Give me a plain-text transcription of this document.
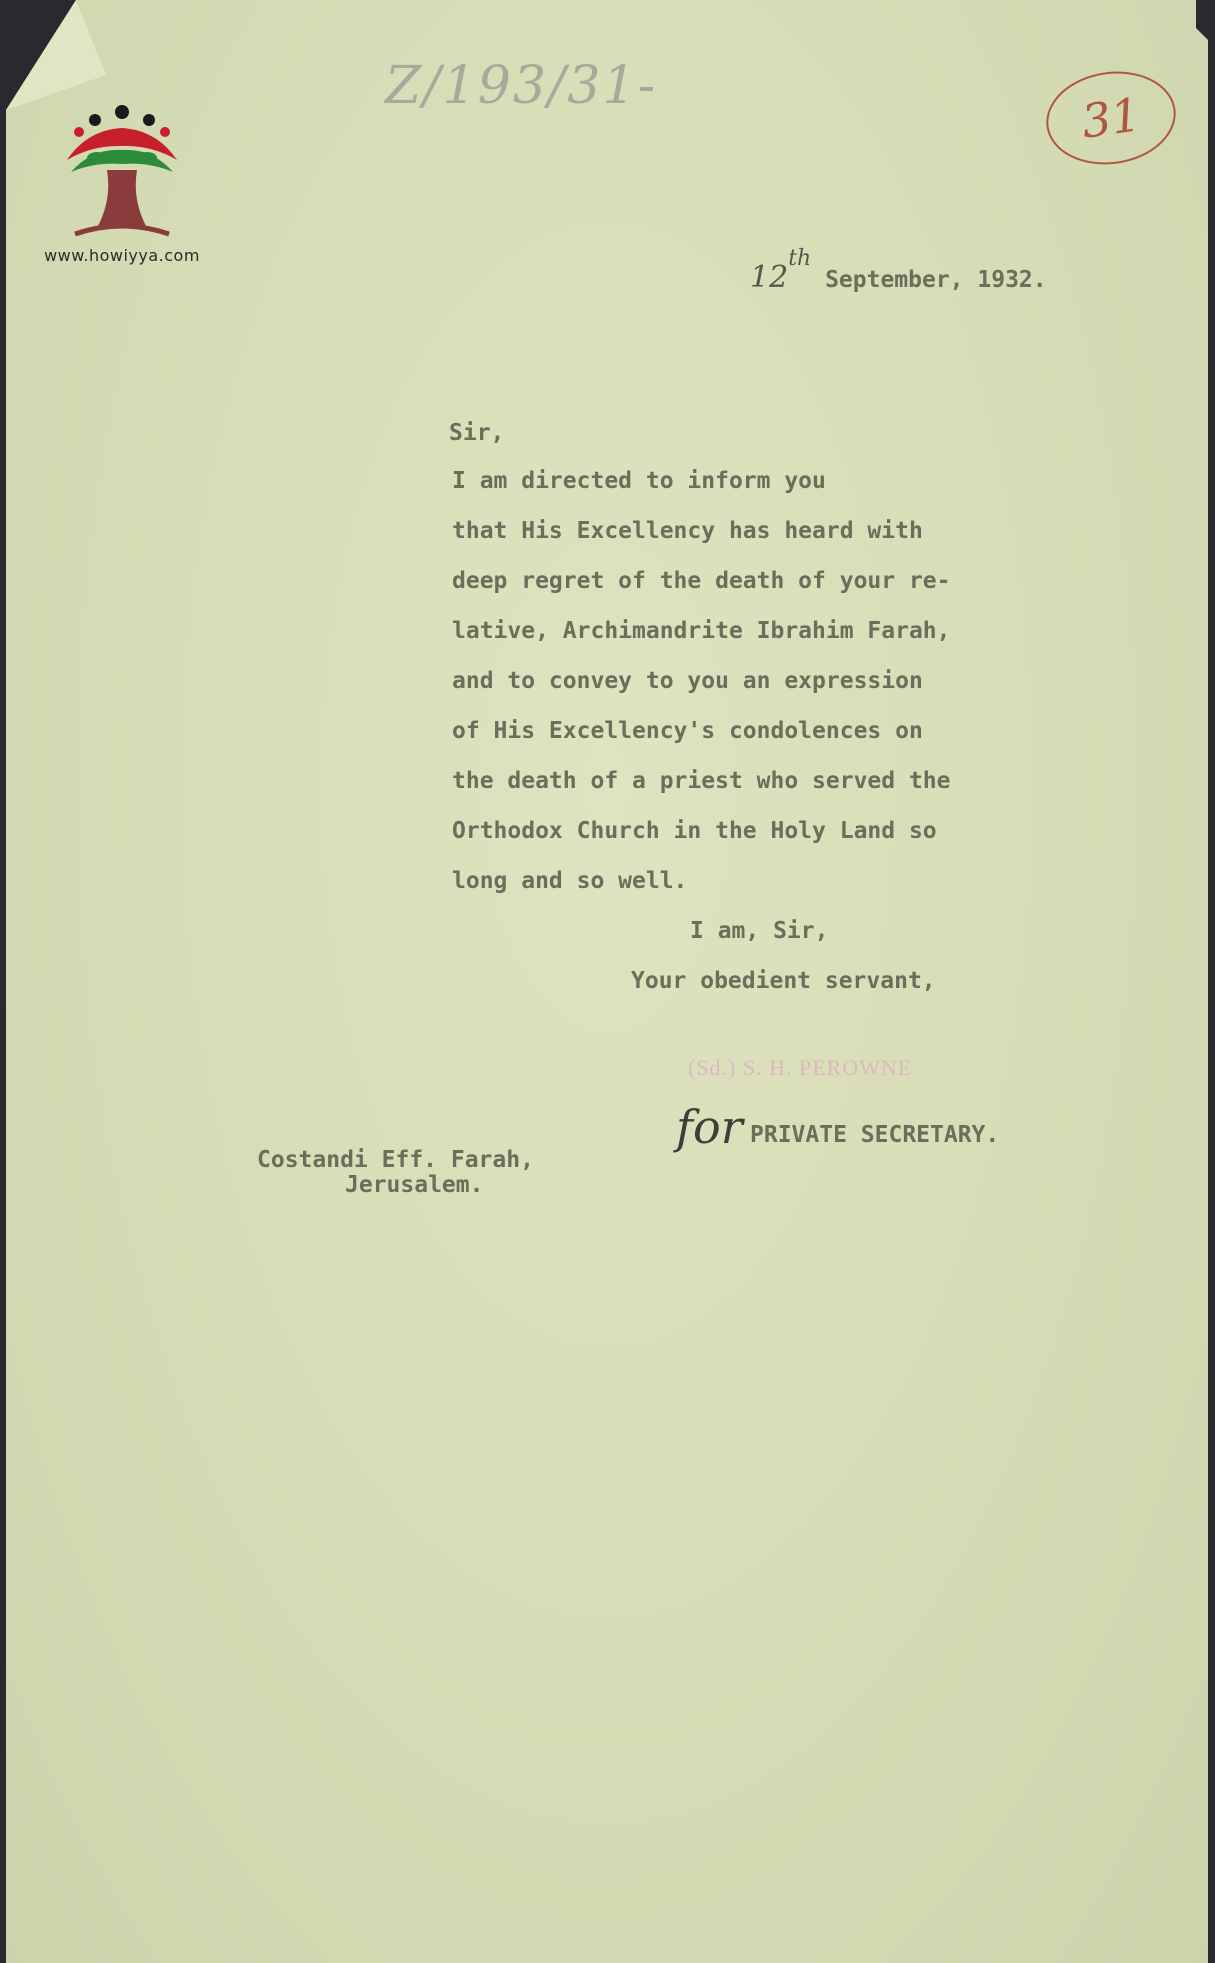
www.howiyya.com
Z/193/31-
31
12th September, 1932.
Sir,
I am directed to inform you
that His Excellency has heard with
deep regret of the death of your re-
lative, Archimandrite Ibrahim Farah,
and to convey to you an expression
of His Excellency's condolences on
the death of a priest who served the
Orthodox Church in the Holy Land so
long and so well.
I am, Sir,
Your obedient servant,
(Sd.) S. H. PEROWNE
for PRIVATE SECRETARY.
Costandi Eff. Farah,
Jerusalem.
